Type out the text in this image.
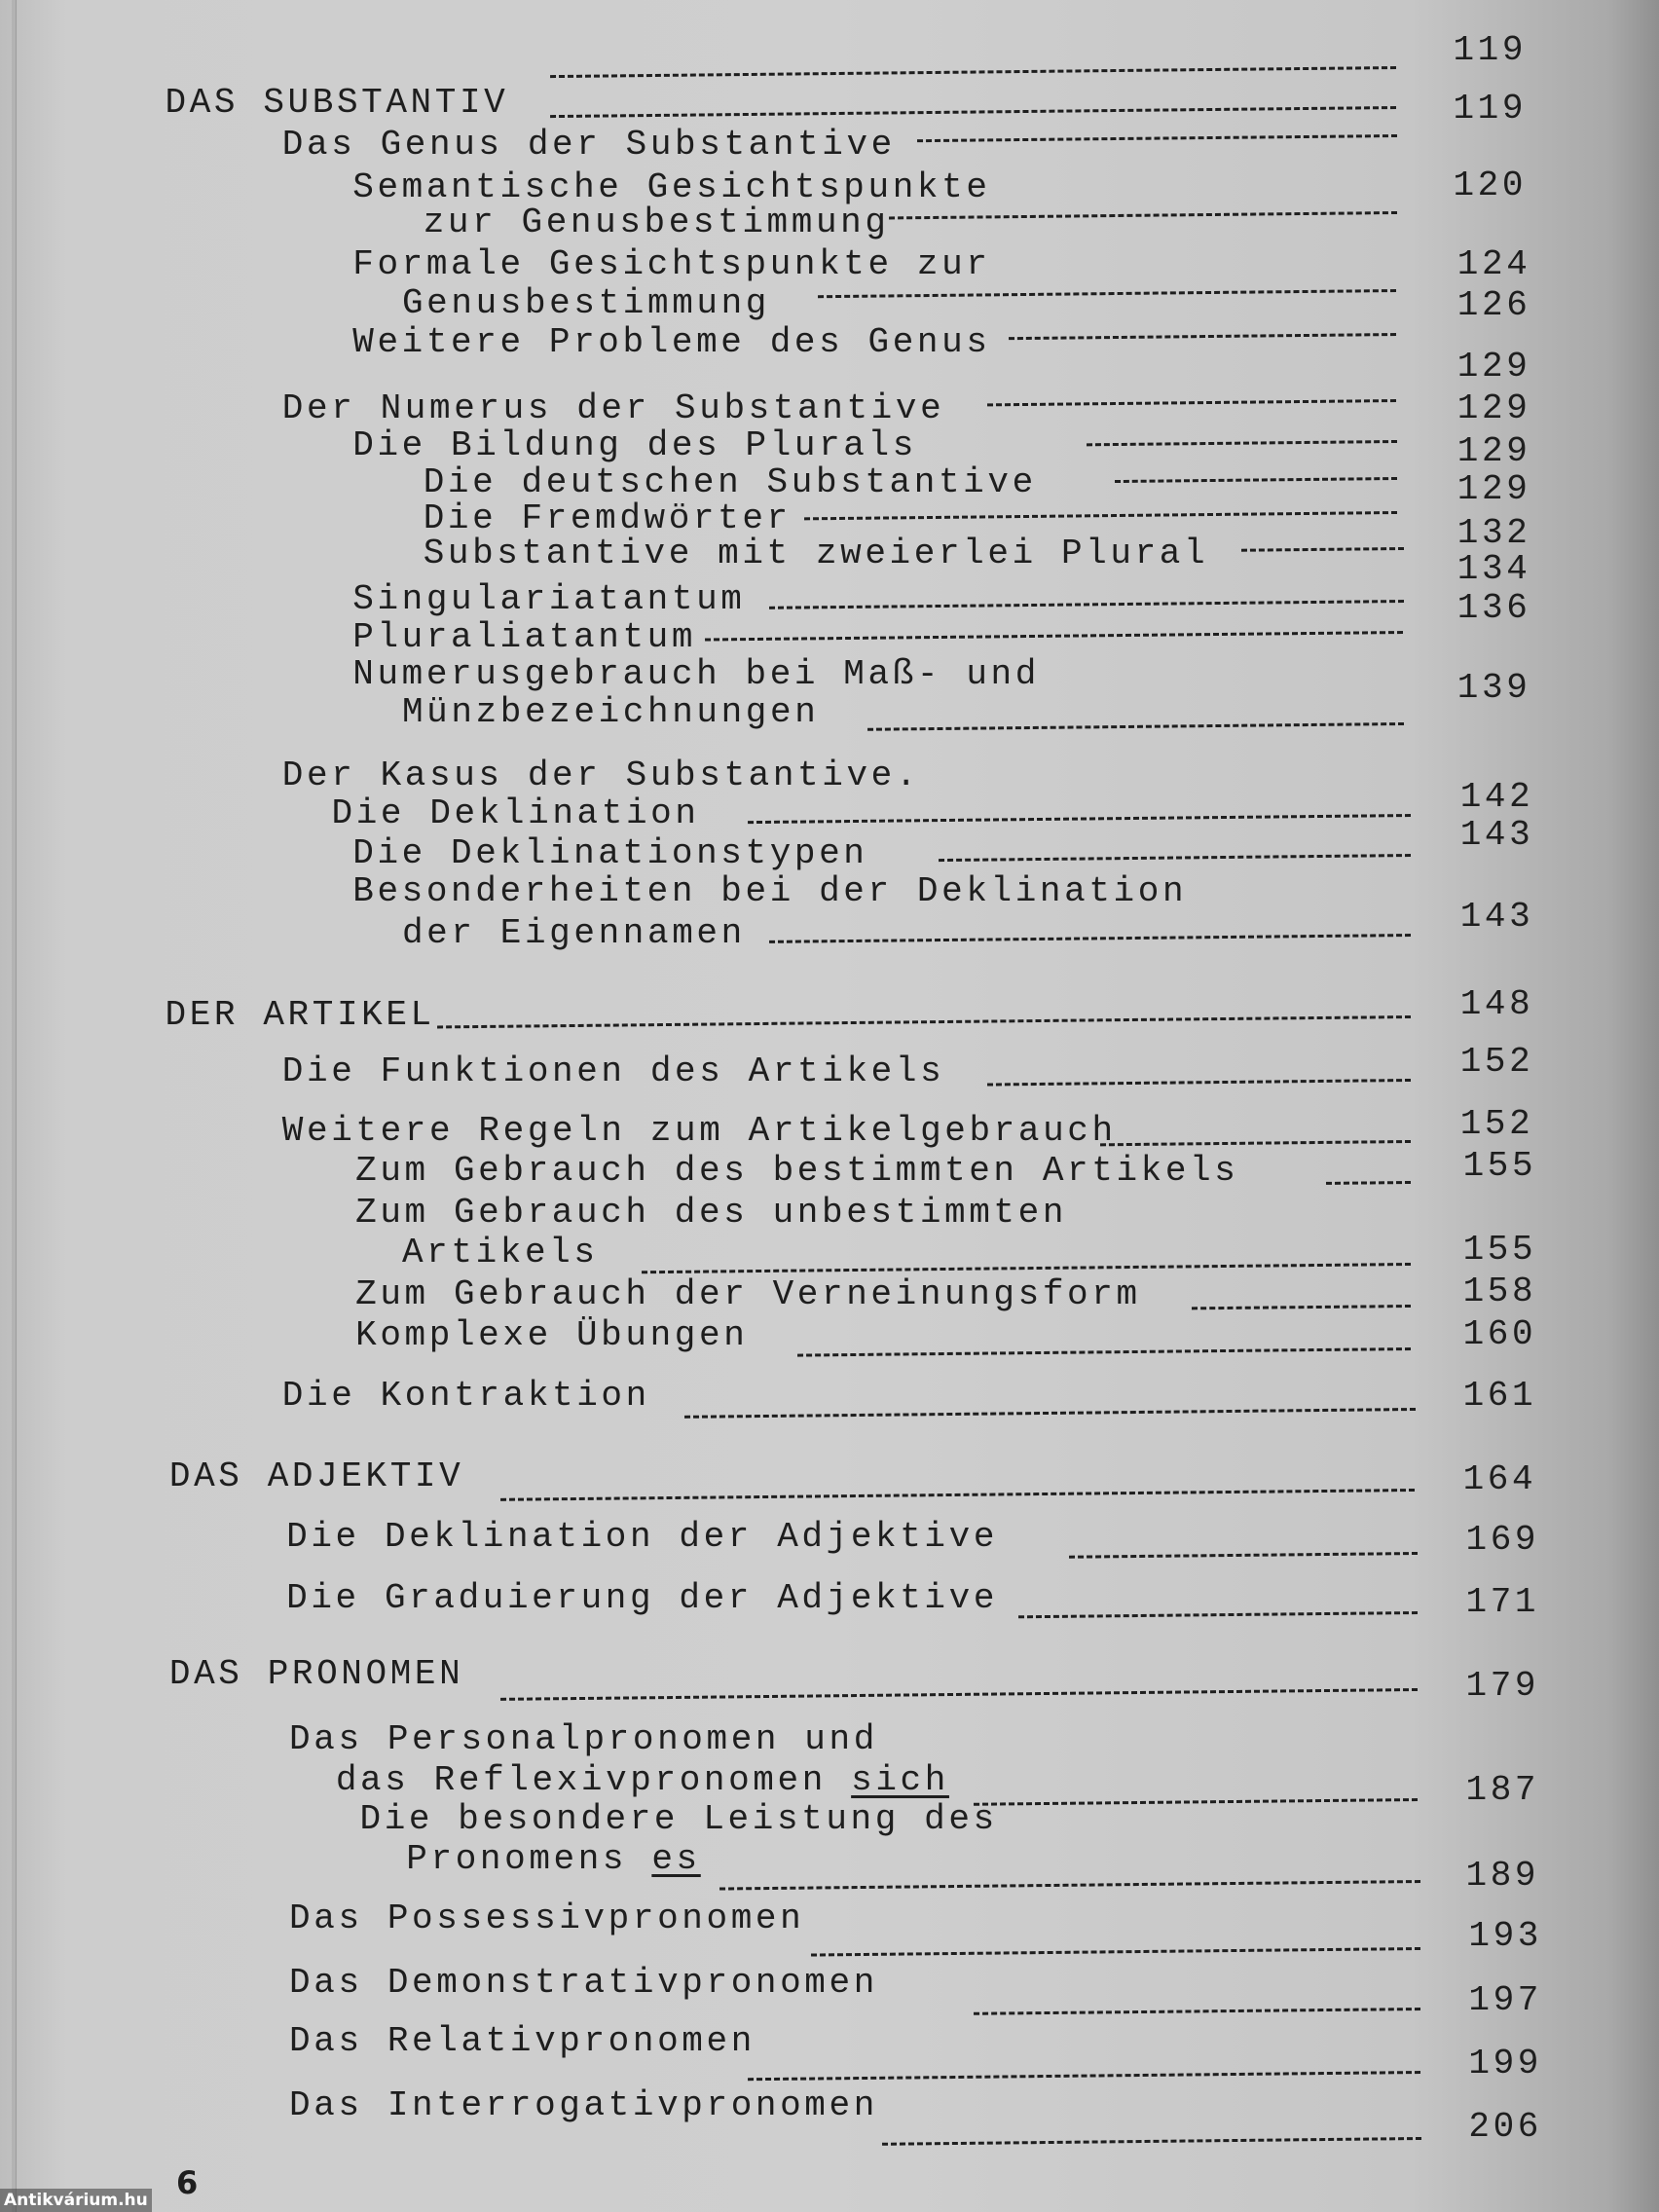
DAS SUBSTANTIV
Das Genus der Substantive
Semantische Gesichtspunkte
zur Genusbestimmung
Formale Gesichtspunkte zur
Genusbestimmung
Weitere Probleme des Genus
Der Numerus der Substantive
Die Bildung des Plurals
Die deutschen Substantive
Die Fremdwörter
Substantive mit zweierlei Plural
Singulariatantum
Pluraliatantum
Numerusgebrauch bei Maß- und
Münzbezeichnungen
Der Kasus der Substantive.
Die Deklination
Die Deklinationstypen
Besonderheiten bei der Deklination
der Eigennamen
DER ARTIKEL
Die Funktionen des Artikels
Weitere Regeln zum Artikelgebrauch
Zum Gebrauch des bestimmten Artikels
Zum Gebrauch des unbestimmten
Artikels
Zum Gebrauch der Verneinungsform
Komplexe Übungen
Die Kontraktion
DAS ADJEKTIV
Die Deklination der Adjektive
Die Graduierung der Adjektive
DAS PRONOMEN
Das Personalpronomen und
das Reflexivpronomen sich
Die besondere Leistung des
Pronomens es
Das Possessivpronomen
Das Demonstrativpronomen
Das Relativpronomen
Das Interrogativpronomen
119
119
120
124
126
129
129
129
129
132
134
136
139
142
143
143
148
152
152
155
155
158
160
161
164
169
171
179
187
189
193
197
199
206
6
Antikvárium.hu
